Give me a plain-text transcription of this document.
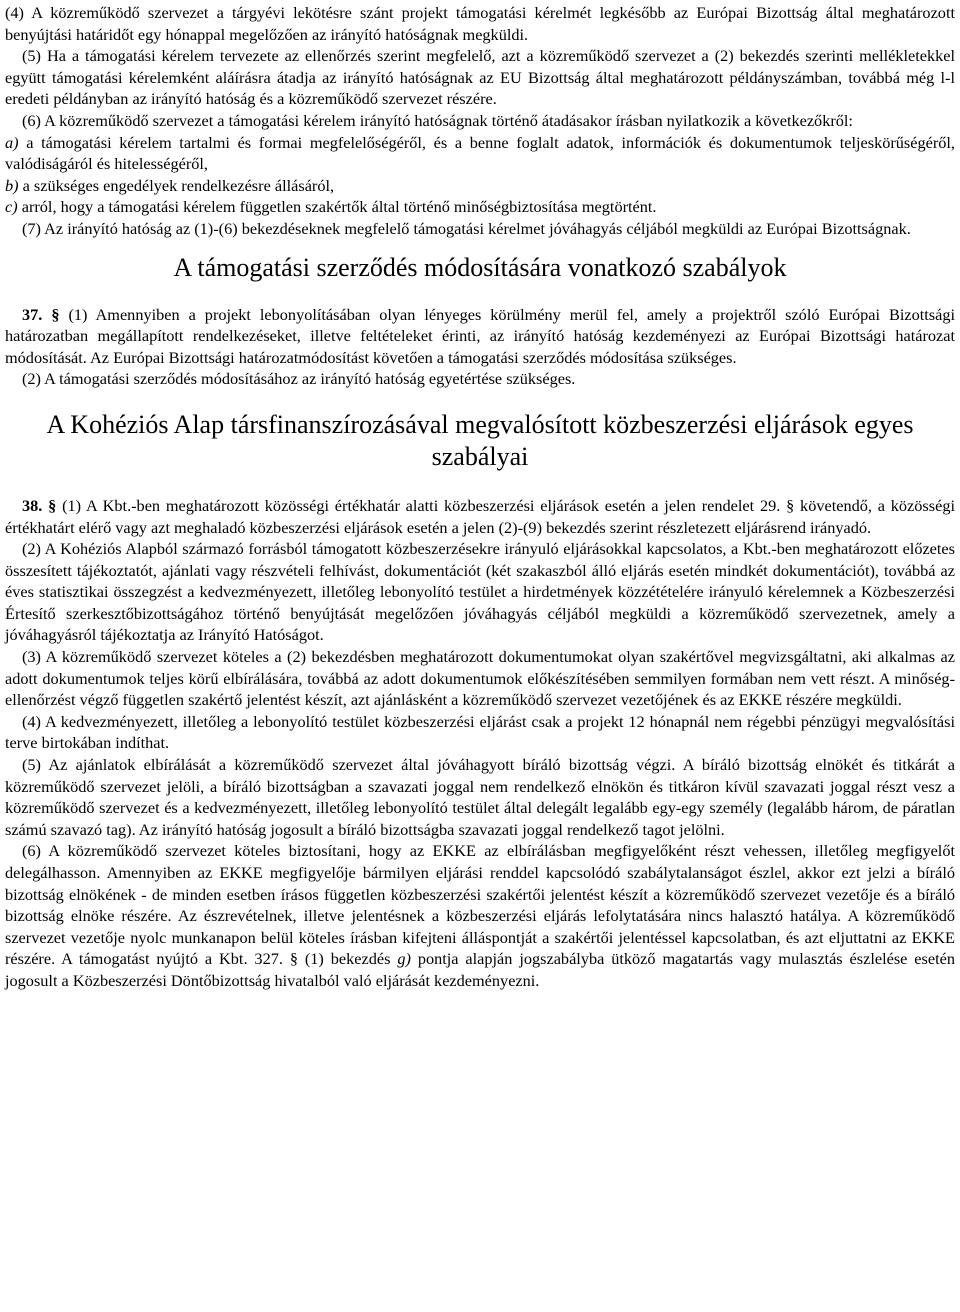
(4) A közreműködő szervezet a tárgyévi lekötésre szánt projekt támogatási kérelmét legkésőbb az Európai Bizottság által meghatározott benyújtási határidőt egy hónappal megelőzően az irányító hatóságnak megküldi.

(5) Ha a támogatási kérelem tervezete az ellenőrzés szerint megfelelő, azt a közreműködő szervezet a (2) bekezdés szerinti mellékletekkel együtt támogatási kérelemként aláírásra átadja az irányító hatóságnak az EU Bizottság által meghatározott példányszámban, továbbá még l-l eredeti példányban az irányító hatóság és a közreműködő szervezet részére.

(6) A közreműködő szervezet a támogatási kérelem irányító hatóságnak történő átadásakor írásban nyilatkozik a következőkről:

a) a támogatási kérelem tartalmi és formai megfelelőségéről, és a benne foglalt adatok, információk és dokumentumok teljeskörűségéről, valódiságáról és hitelességéről,

b) a szükséges engedélyek rendelkezésre állásáról,

c) arról, hogy a támogatási kérelem független szakértők által történő minőségbiztosítása megtörtént.

(7) Az irányító hatóság az (1)-(6) bekezdéseknek megfelelő támogatási kérelmet jóváhagyás céljából megküldi az Európai Bizottságnak.

A támogatási szerződés módosítására vonatkozó szabályok

37. § (1) Amennyiben a projekt lebonyolításában olyan lényeges körülmény merül fel, amely a projektről szóló Európai Bizottsági határozatban megállapított rendelkezéseket, illetve feltételeket érinti, az irányító hatóság kezdeményezi az Európai Bizottsági határozat módosítását. Az Európai Bizottsági határozatmódosítást követően a támogatási szerződés módosítása szükséges.

(2) A támogatási szerződés módosításához az irányító hatóság egyetértése szükséges.

A Kohéziós Alap társfinanszírozásával megvalósított közbeszerzési eljárások egyes szabályai

38. § (1) A Kbt.-ben meghatározott közösségi értékhatár alatti közbeszerzési eljárások esetén a jelen rendelet 29. § követendő, a közösségi értékhatárt elérő vagy azt meghaladó közbeszerzési eljárások esetén a jelen (2)-(9) bekezdés szerint részletezett eljárásrend irányadó.

(2) A Kohéziós Alapból származó forrásból támogatott közbeszerzésekre irányuló eljárásokkal kapcsolatos, a Kbt.-ben meghatározott előzetes összesített tájékoztatót, ajánlati vagy részvételi felhívást, dokumentációt (két szakaszból álló eljárás esetén mindkét dokumentációt), továbbá az éves statisztikai összegzést a kedvezményezett, illetőleg lebonyolító testület a hirdetmények közzétételére irányuló kérelemnek a Közbeszerzési Értesítő szerkesztőbizottságához történő benyújtását megelőzően jóváhagyás céljából megküldi a közreműködő szervezetnek, amely a jóváhagyásról tájékoztatja az Irányító Hatóságot.

(3) A közreműködő szervezet köteles a (2) bekezdésben meghatározott dokumentumokat olyan szakértővel megvizsgáltatni, aki alkalmas az adott dokumentumok teljes körű elbírálására, továbbá az adott dokumentumok előkészítésében semmilyen formában nem vett részt. A minőség-ellenőrzést végző független szakértő jelentést készít, azt ajánlásként a közreműködő szervezet vezetőjének és az EKKE részére megküldi.

(4) A kedvezményezett, illetőleg a lebonyolító testület közbeszerzési eljárást csak a projekt 12 hónapnál nem régebbi pénzügyi megvalósítási terve birtokában indíthat.

(5) Az ajánlatok elbírálását a közreműködő szervezet által jóváhagyott bíráló bizottság végzi. A bíráló bizottság elnökét és titkárát a közreműködő szervezet jelöli, a bíráló bizottságban a szavazati joggal nem rendelkező elnökön és titkáron kívül szavazati joggal részt vesz a közreműködő szervezet és a kedvezményezett, illetőleg lebonyolító testület által delegált legalább egy-egy személy (legalább három, de páratlan számú szavazó tag). Az irányító hatóság jogosult a bíráló bizottságba szavazati joggal rendelkező tagot jelölni.

(6) A közreműködő szervezet köteles biztosítani, hogy az EKKE az elbírálásban megfigyelőként részt vehessen, illetőleg megfigyelőt delegálhasson. Amennyiben az EKKE megfigyelője bármilyen eljárási renddel kapcsolódó szabálytalanságot észlel, akkor ezt jelzi a bíráló bizottság elnökének - de minden esetben írásos független közbeszerzési szakértői jelentést készít a közreműködő szervezet vezetője és a bíráló bizottság elnöke részére. Az észrevételnek, illetve jelentésnek a közbeszerzési eljárás lefolytatására nincs halasztó hatálya. A közreműködő szervezet vezetője nyolc munkanapon belül köteles írásban kifejteni álláspontját a szakértői jelentéssel kapcsolatban, és azt eljuttatni az EKKE részére. A támogatást nyújtó a Kbt. 327. § (1) bekezdés g) pontja alapján jogszabályba ütköző magatartás vagy mulasztás észlelése esetén jogosult a Közbeszerzési Döntőbizottság hivatalból való eljárását kezdeményezni.
